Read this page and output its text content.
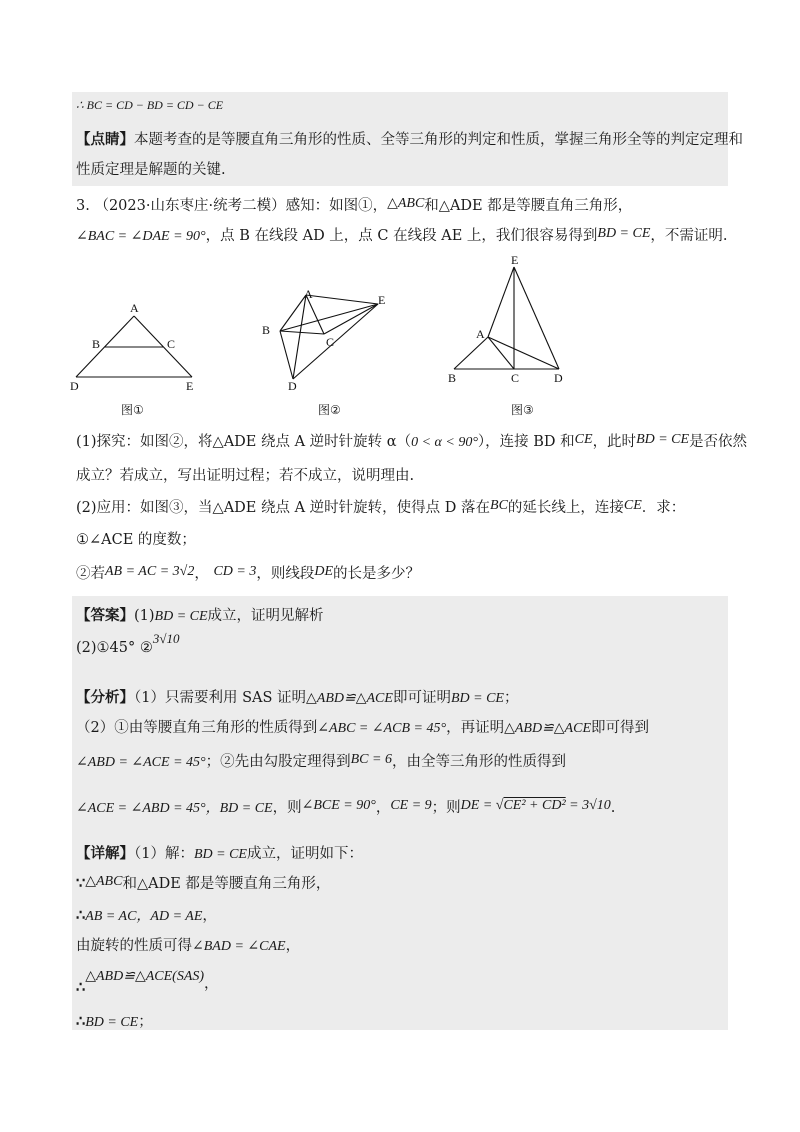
∴ BC = CD − BD = CD − CE
【点睛】本题考查的是等腰直角三角形的性质、全等三角形的判定和性质，掌握三角形全等的判定定理和
性质定理是解题的关键.
3. （2023·山东枣庄·统考二模）感知：如图①，△ABC和△ADE 都是等腰直角三角形，
∠BAC = ∠DAE = 90°，点 B 在线段 AD 上，点 C 在线段 AE 上，我们很容易得到BD = CE，不需证明.
A
B	C
D	E
图①
A
B
C
D
E
图②
E
A
B	C	D
图③
(1)探究：如图②，将△ADE 绕点 A 逆时针旋转 α（0 < α < 90°），连接 BD 和CE，此时BD = CE是否依然
成立？若成立，写出证明过程；若不成立，说明理由.
(2)应用：如图③，当△ADE 绕点 A 逆时针旋转，使得点 D 落在BC的延长线上，连接CE．求：
①∠ACE 的度数；
②若AB = AC = 3√2， CD = 3，则线段DE的长是多少？
【答案】(1)BD = CE成立，证明见解析
(2)①45° ②3√10
【分析】（1）只需要利用 SAS 证明△ABD≌△ACE即可证明BD = CE；
（2）①由等腰直角三角形的性质得到∠ABC = ∠ACB = 45°，再证明△ABD≌△ACE即可得到
∠ABD = ∠ACE = 45°；②先由勾股定理得到BC = 6，由全等三角形的性质得到
∠ACE = ∠ABD = 45°，BD = CE，则∠BCE = 90°，CE = 9；则DE = √CE² + CD² = 3√10.
【详解】（1）解：BD = CE成立，证明如下：
∵△ABC和△ADE 都是等腰直角三角形，
∴AB = AC，AD = AE，
由旋转的性质可得∠BAD = ∠CAE，
∴△ABD≌△ACE(SAS)，
∴BD = CE；
